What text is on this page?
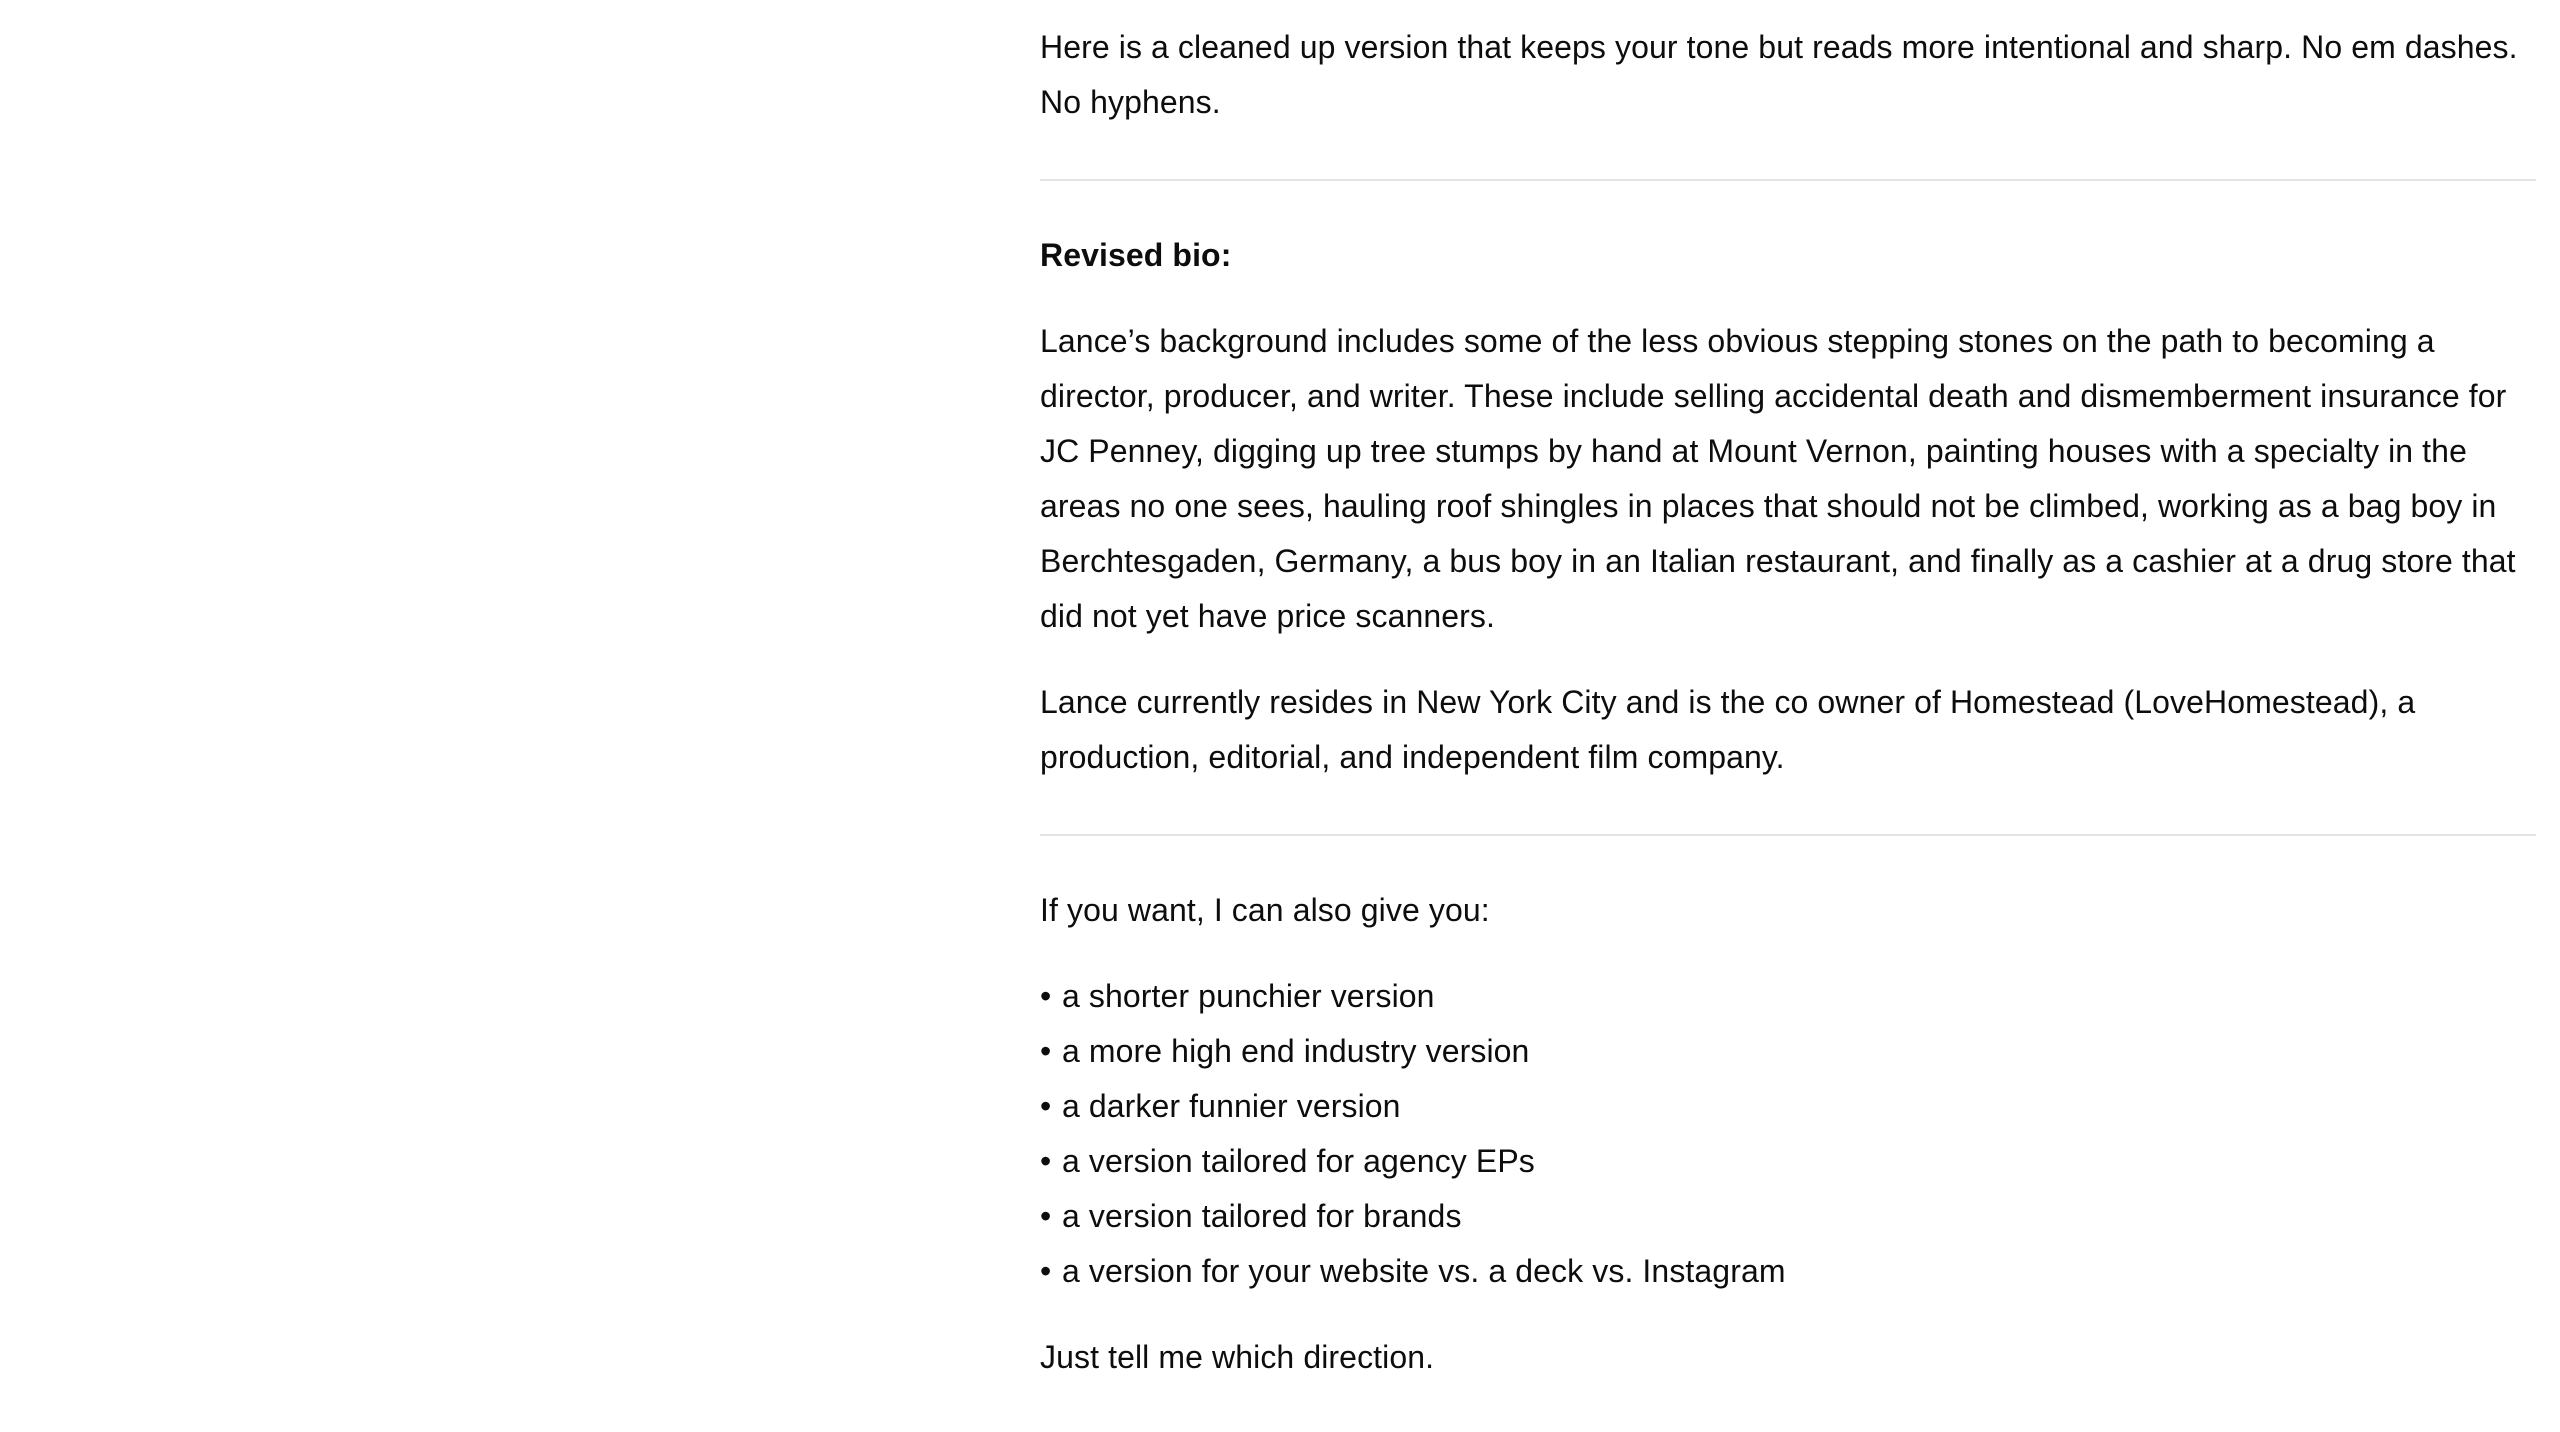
Here is a cleaned up version that keeps your tone but reads more intentional and sharp. No em dashes. No hyphens.

Revised bio:

Lance’s background includes some of the less obvious stepping stones on the path to becoming a director, producer, and writer. These include selling accidental death and dismemberment insurance for JC Penney, digging up tree stumps by hand at Mount Vernon, painting houses with a specialty in the areas no one sees, hauling roof shingles in places that should not be climbed, working as a bag boy in Berchtesgaden, Germany, a bus boy in an Italian restaurant, and finally as a cashier at a drug store that did not yet have price scanners.

Lance currently resides in New York City and is the co owner of Homestead (LoveHomestead), a production, editorial, and independent film company.

If you want, I can also give you:

• a shorter punchier version
• a more high end industry version
• a darker funnier version
• a version tailored for agency EPs
• a version tailored for brands
• a version for your website vs. a deck vs. Instagram

Just tell me which direction.
